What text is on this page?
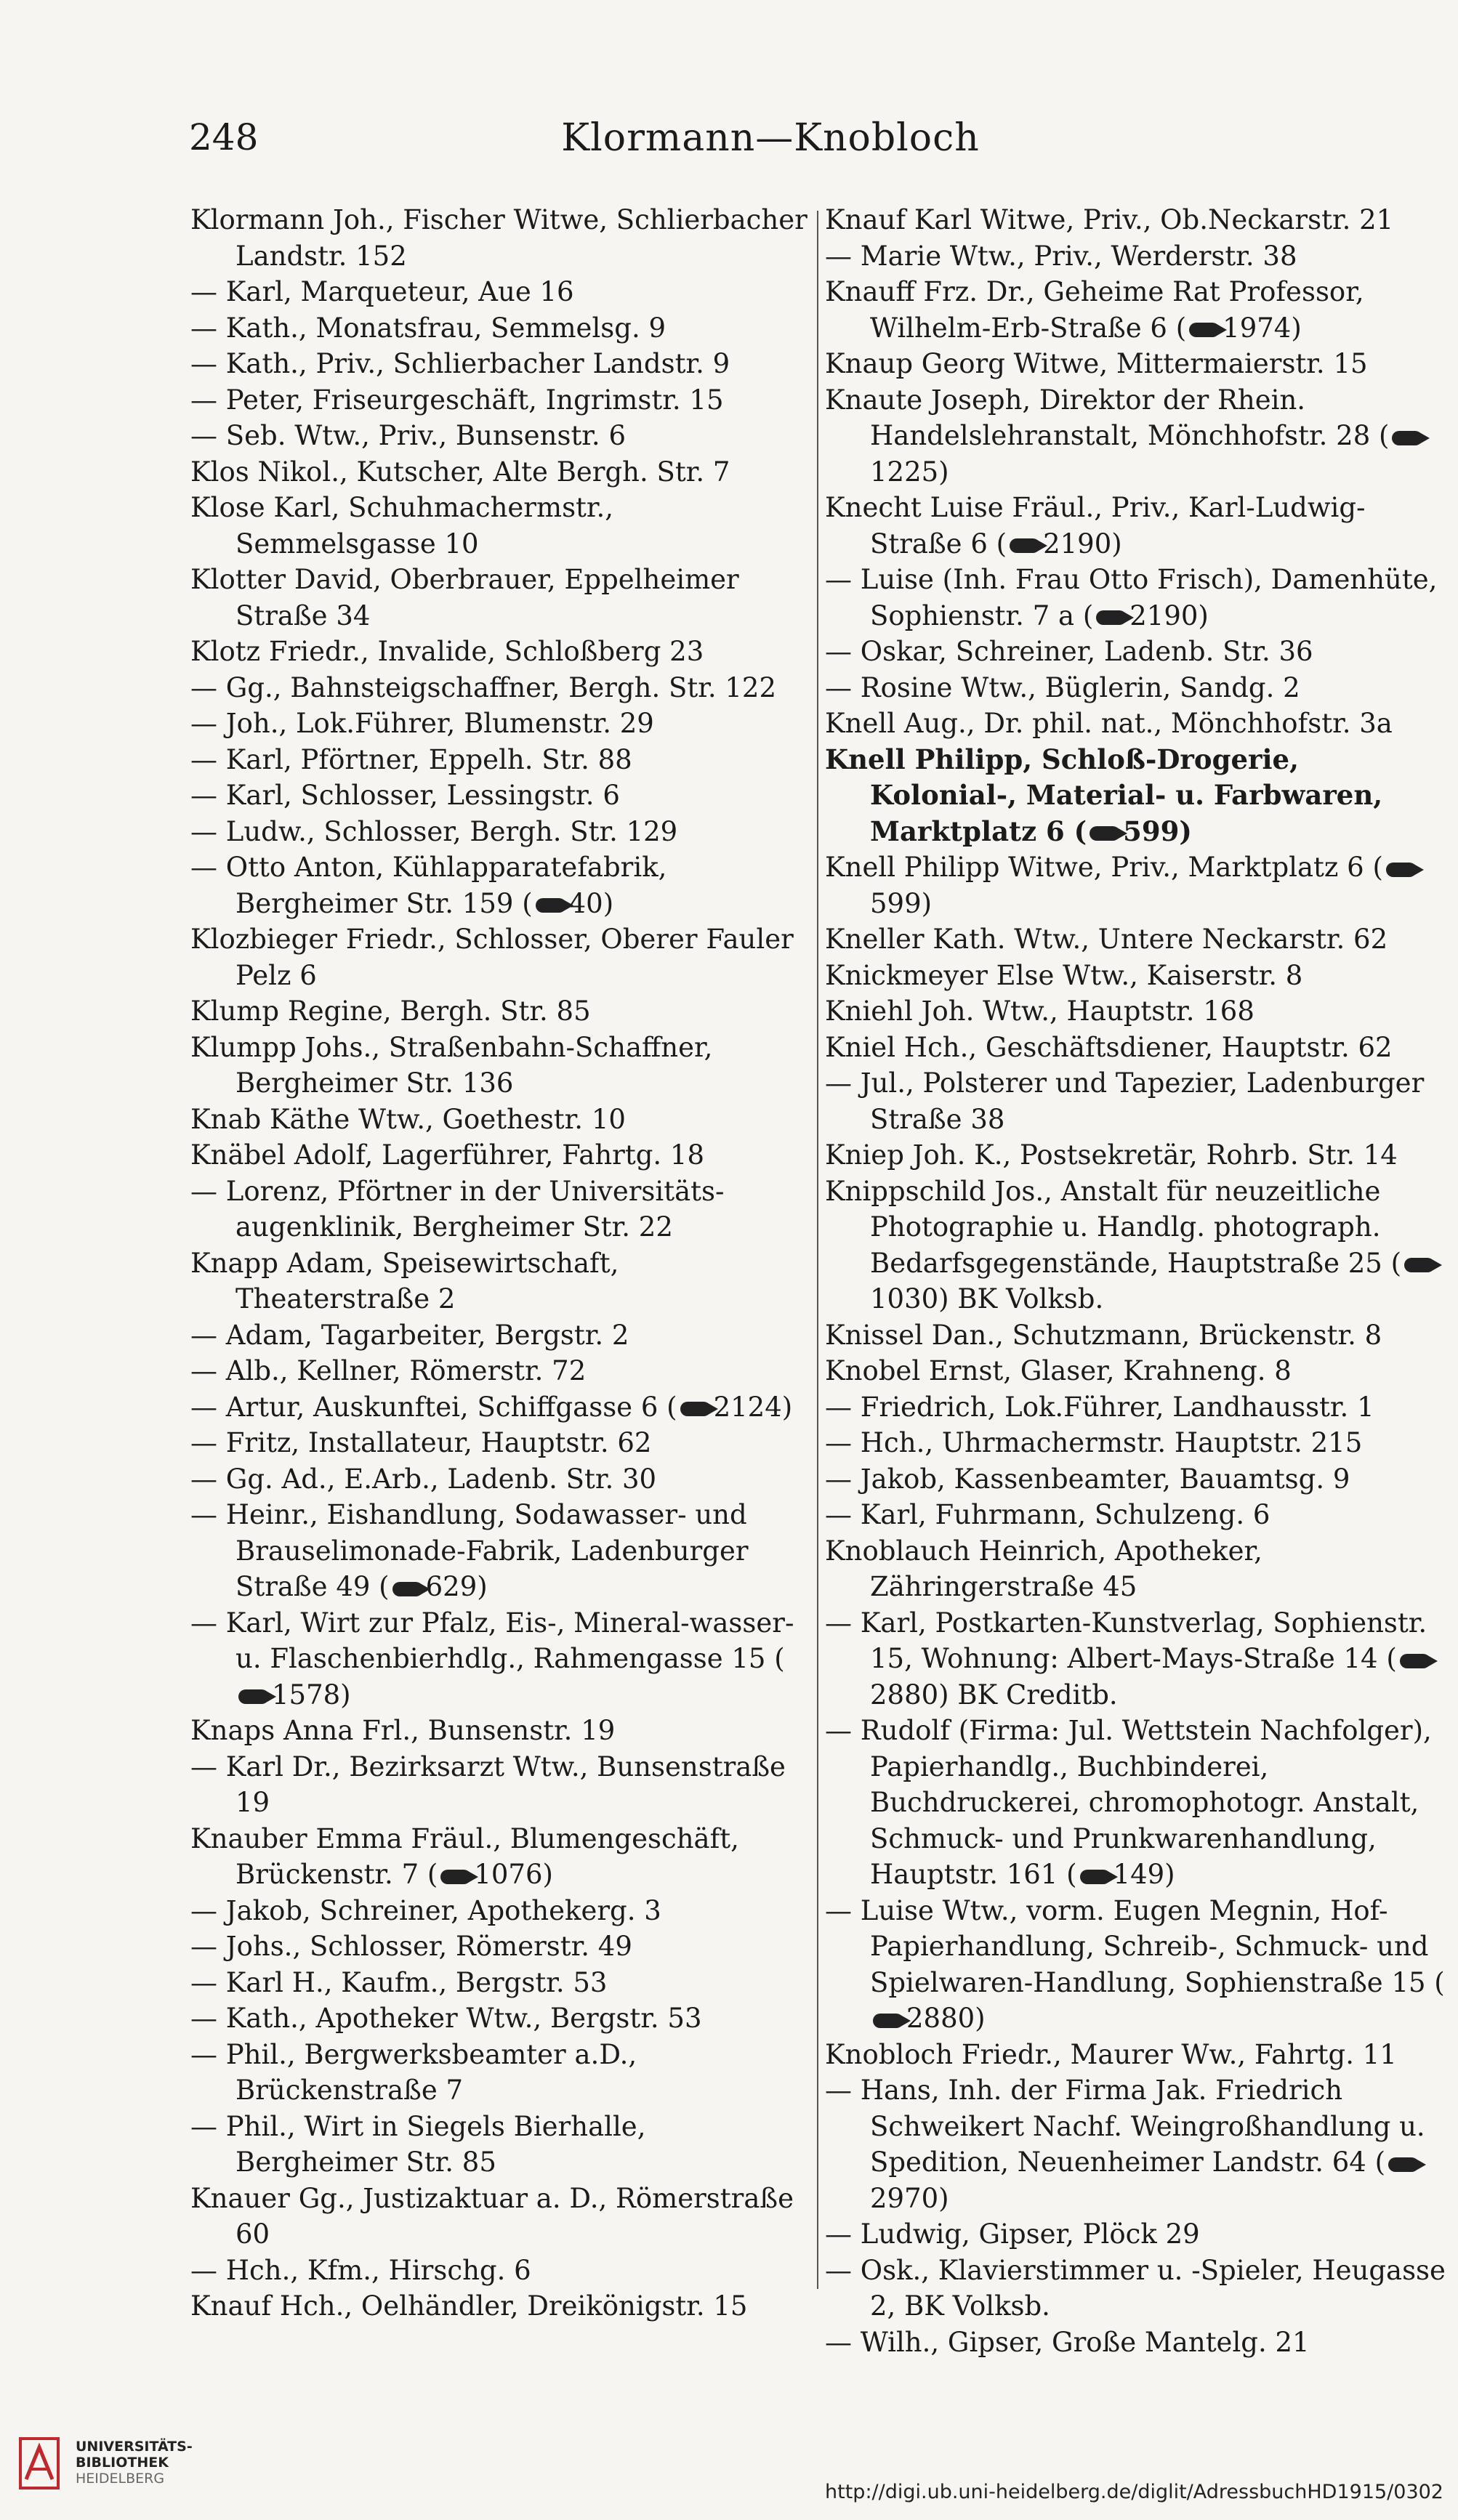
248	Klormann—Knobloch
Klormann Joh., Fischer Witwe, Schlierbacher Landstr. 152
— Karl, Marqueteur, Aue 16
— Kath., Monatsfrau, Semmelsg. 9
— Kath., Priv., Schlierbacher Landstr. 9
— Peter, Friseurgeschäft, Ingrimstr. 15
— Seb. Wtw., Priv., Bunsenstr. 6
Klos Nikol., Kutscher, Alte Bergh. Str. 7
Klose Karl, Schuhmachermstr., Semmelsgasse 10
Klotter David, Oberbrauer, Eppelheimer Straße 34
Klotz Friedr., Invalide, Schloßberg 23
— Gg., Bahnsteigschaffner, Bergh. Str. 122
— Joh., Lok.Führer, Blumenstr. 29
— Karl, Pförtner, Eppelh. Str. 88
— Karl, Schlosser, Lessingstr. 6
— Ludw., Schlosser, Bergh. Str. 129
— Otto Anton, Kühlapparatefabrik, Bergheimer Str. 159 ( 40)
Klozbieger Friedr., Schlosser, Oberer Fauler Pelz 6
Klump Regine, Bergh. Str. 85
Klumpp Johs., Straßenbahn-Schaffner, Bergheimer Str. 136
Knab Käthe Wtw., Goethestr. 10
Knäbel Adolf, Lagerführer, Fahrtg. 18
— Lorenz, Pförtner in der Universitäts-augenklinik, Bergheimer Str. 22
Knapp Adam, Speisewirtschaft, Theaterstraße 2
— Adam, Tagarbeiter, Bergstr. 2
— Alb., Kellner, Römerstr. 72
— Artur, Auskunftei, Schiffgasse 6 ( 2124)
— Fritz, Installateur, Hauptstr. 62
— Gg. Ad., E.Arb., Ladenb. Str. 30
— Heinr., Eishandlung, Sodawasser- und Brauselimonade-Fabrik, Ladenburger Straße 49 ( 629)
— Karl, Wirt zur Pfalz, Eis-, Mineral-wasser- u. Flaschenbierhdlg., Rahmengasse 15 (1578)
Knaps Anna Frl., Bunsenstr. 19
— Karl Dr., Bezirksarzt Wtw., Bunsenstraße 19
Knauber Emma Fräul., Blumengeschäft, Brückenstr. 7 ( 1076)
— Jakob, Schreiner, Apothekerg. 3
— Johs., Schlosser, Römerstr. 49
— Karl H., Kaufm., Bergstr. 53
— Kath., Apotheker Wtw., Bergstr. 53
— Phil., Bergwerksbeamter a.D., Brückenstraße 7
— Phil., Wirt in Siegels Bierhalle, Bergheimer Str. 85
Knauer Gg., Justizaktuar a. D., Römerstraße 60
— Hch., Kfm., Hirschg. 6
Knauf Hch., Oelhändler, Dreikönigstr. 15
Knauf Karl Witwe, Priv., Ob.Neckarstr. 21
— Marie Wtw., Priv., Werderstr. 38
Knauff Frz. Dr., Geheime Rat Professor, Wilhelm-Erb-Straße 6 ( 1974)
Knaup Georg Witwe, Mittermaierstr. 15
Knaute Joseph, Direktor der Rhein. Handelslehranstalt, Mönchhofstr. 28 (1225)
Knecht Luise Fräul., Priv., Karl-Ludwig-Straße 6 ( 2190)
— Luise (Inh. Frau Otto Frisch), Damenhüte, Sophienstr. 7 a ( 2190)
— Oskar, Schreiner, Ladenb. Str. 36
— Rosine Wtw., Büglerin, Sandg. 2
Knell Aug., Dr. phil. nat., Mönchhofstr. 3a
Knell Philipp, Schloß-Drogerie, Kolonial-, Material- u. Farbwaren, Marktplatz 6 ( 599)
Knell Philipp Witwe, Priv., Marktplatz 6 (599)
Kneller Kath. Wtw., Untere Neckarstr. 62
Knickmeyer Else Wtw., Kaiserstr. 8
Kniehl Joh. Wtw., Hauptstr. 168
Kniel Hch., Geschäftsdiener, Hauptstr. 62
— Jul., Polsterer und Tapezier, Ladenburger Straße 38
Kniep Joh. K., Postsekretär, Rohrb. Str. 14
Knippschild Jos., Anstalt für neuzeitliche Photographie u. Handlg. photograph. Bedarfsgegenstände, Hauptstraße 25 (1030) BK Volksb.
Knissel Dan., Schutzmann, Brückenstr. 8
Knobel Ernst, Glaser, Krahneng. 8
— Friedrich, Lok.Führer, Landhausstr. 1
— Hch., Uhrmachermstr. Hauptstr. 215
— Jakob, Kassenbeamter, Bauamtsg. 9
— Karl, Fuhrmann, Schulzeng. 6
Knoblauch Heinrich, Apotheker, Zähringerstraße 45
— Karl, Postkarten-Kunstverlag, Sophienstr. 15, Wohnung: Albert-Mays-Straße 14 (2880) BK Creditb.
— Rudolf (Firma: Jul. Wettstein Nachfolger), Papierhandlg., Buchbinderei, Buchdruckerei, chromophotogr. Anstalt, Schmuck- und Prunkwarenhandlung, Hauptstr. 161 ( 149)
— Luise Wtw., vorm. Eugen Megnin, Hof-Papierhandlung, Schreib-, Schmuck- und Spielwaren-Handlung, Sophienstraße 15 (2880)
Knobloch Friedr., Maurer Ww., Fahrtg. 11
— Hans, Inh. der Firma Jak. Friedrich Schweikert Nachf. Weingroßhandlung u. Spedition, Neuenheimer Landstr. 64 (2970)
— Ludwig, Gipser, Plöck 29
— Osk., Klavierstimmer u. -Spieler, Heugasse 2, BK Volksb.
— Wilh., Gipser, Große Mantelg. 21
UNIVERSITÄTS-
BIBLIOTHEK
HEIDELBERG
http://digi.ub.uni-heidelberg.de/diglit/AdressbuchHD1915/0302
